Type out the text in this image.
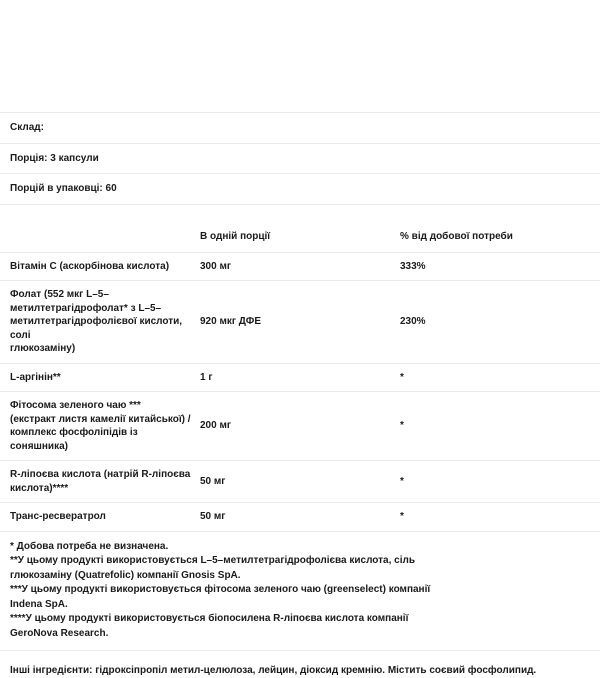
Склад:		
Порція: 3 капсули		
Порцій в упаковці: 60		

	В одній порції	% від добової потреби
Вітамін C (аскорбінова кислота)	300 мг	333%
Фолат (552 мкг L–5–метилтетрагідрофолат* з L–5–метилтетрагідрофолієвої кислоти, солі
глюкозаміну)	920 мкг ДФЕ	230%
L-аргінін**	1 г	*
Фітосома зеленого чаю ***
(екстракт листя камелії китайської) / комплекс фосфоліпідів із соняшника)	200 мг	*
R-ліпоєва кислота (натрій R-ліпоєва кислота)****	50 мг	*
Транс-ресвератрол	50 мг	*

* Добова потреба не визначена.
**У цьому продукті використовується L–5–метилтетрагідрофолієва кислота, сіль глюкозаміну (Quatrefolic) компанії Gnosis SpA.
***У цьому продукті використовується фітосома зеленого чаю (greenselect) компанії Indena SpA.
****У цьому продукті використовується біопосилена R-ліпоєва кислота компанії GeroNova Research.		

Інші інгредієнти: гідроксіпропіл метил-целюлоза, лейцин, діоксид кремнію. Містить соєвий фосфолипид.
